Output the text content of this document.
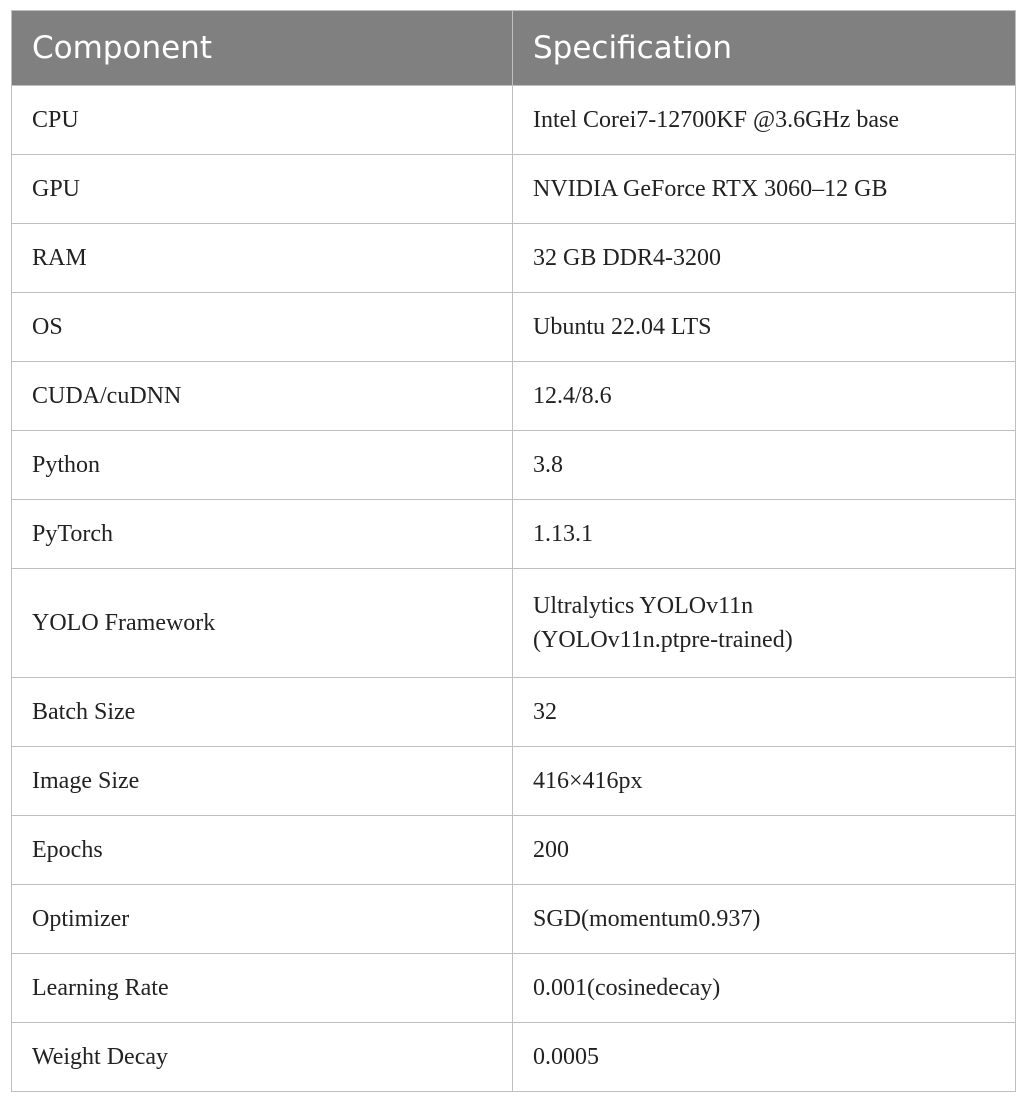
Component	Specification
CPU	Intel Corei7-12700KF @3.6GHz base
GPU	NVIDIA GeForce RTX 3060–12 GB
RAM	32 GB DDR4-3200
OS	Ubuntu 22.04 LTS
CUDA/cuDNN	12.4/8.6
Python	3.8
PyTorch	1.13.1
YOLO Framework	Ultralytics YOLOv11n
(YOLOv11n.ptpre-trained)
Batch Size	32
Image Size	416×416px
Epochs	200
Optimizer	SGD(momentum0.937)
Learning Rate	0.001(cosinedecay)
Weight Decay	0.0005
